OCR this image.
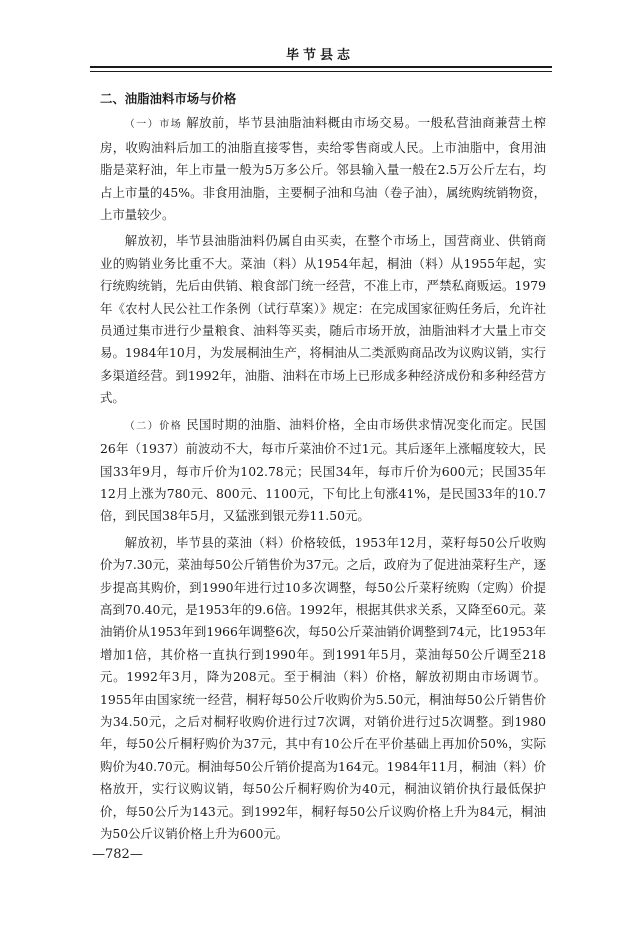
毕节县志
二、油脂油料市场与价格

（一）市场 解放前，毕节县油脂油料概由市场交易。一般私营油商兼营土榨房，收购油料后加工的油脂直接零售，卖给零售商或人民。上市油脂中，食用油脂是菜籽油，年上市量一般为5万多公斤。邻县输入量一般在2.5万公斤左右，均占上市量的45%。非食用油脂，主要桐子油和乌油（卷子油），属统购统销物资，上市量较少。

解放初，毕节县油脂油料仍属自由买卖，在整个市场上，国营商业、供销商业的购销业务比重不大。菜油（料）从1954年起，桐油（料）从1955年起，实行统购统销，先后由供销、粮食部门统一经营，不准上市，严禁私商贩运。1979年《农村人民公社工作条例（试行草案）》规定：在完成国家征购任务后，允许社员通过集市进行少量粮食、油料等买卖，随后市场开放，油脂油料才大量上市交易。1984年10月，为发展桐油生产，将桐油从二类派购商品改为议购议销，实行多渠道经营。到1992年，油脂、油料在市场上已形成多种经济成份和多种经营方式。

（二）价格 民国时期的油脂、油料价格，全由市场供求情况变化而定。民国26年（1937）前波动不大，每市斤菜油价不过1元。其后逐年上涨幅度较大，民国33年9月，每市斤价为102.78元；民国34年，每市斤价为600元；民国35年12月上涨为780元、800元、1100元，下旬比上旬涨41%，是民国33年的10.7倍，到民国38年5月，又猛涨到银元券11.50元。

解放初，毕节县的菜油（料）价格较低，1953年12月，菜籽每50公斤收购价为7.30元，菜油每50公斤销售价为37元。之后，政府为了促进油菜籽生产，逐步提高其购价，到1990年进行过10多次调整，每50公斤菜籽统购（定购）价提高到70.40元，是1953年的9.6倍。1992年，根据其供求关系，又降至60元。菜油销价从1953年到1966年调整6次，每50公斤菜油销价调整到74元，比1953年增加1倍，其价格一直执行到1990年。到1991年5月，菜油每50公斤调至218元。1992年3月，降为208元。至于桐油（料）价格，解放初期由市场调节。1955年由国家统一经营，桐籽每50公斤收购价为5.50元，桐油每50公斤销售价为34.50元，之后对桐籽收购价进行过7次调，对销价进行过5次调整。到1980年，每50公斤桐籽购价为37元，其中有10公斤在平价基础上再加价50%，实际购价为40.70元。桐油每50公斤销价提高为164元。1984年11月，桐油（料）价格放开，实行议购议销，每50公斤桐籽购价为40元，桐油议销价执行最低保护价，每50公斤为143元。到1992年，桐籽每50公斤议购价格上升为84元，桐油为50公斤议销价格上升为600元。

—782—
